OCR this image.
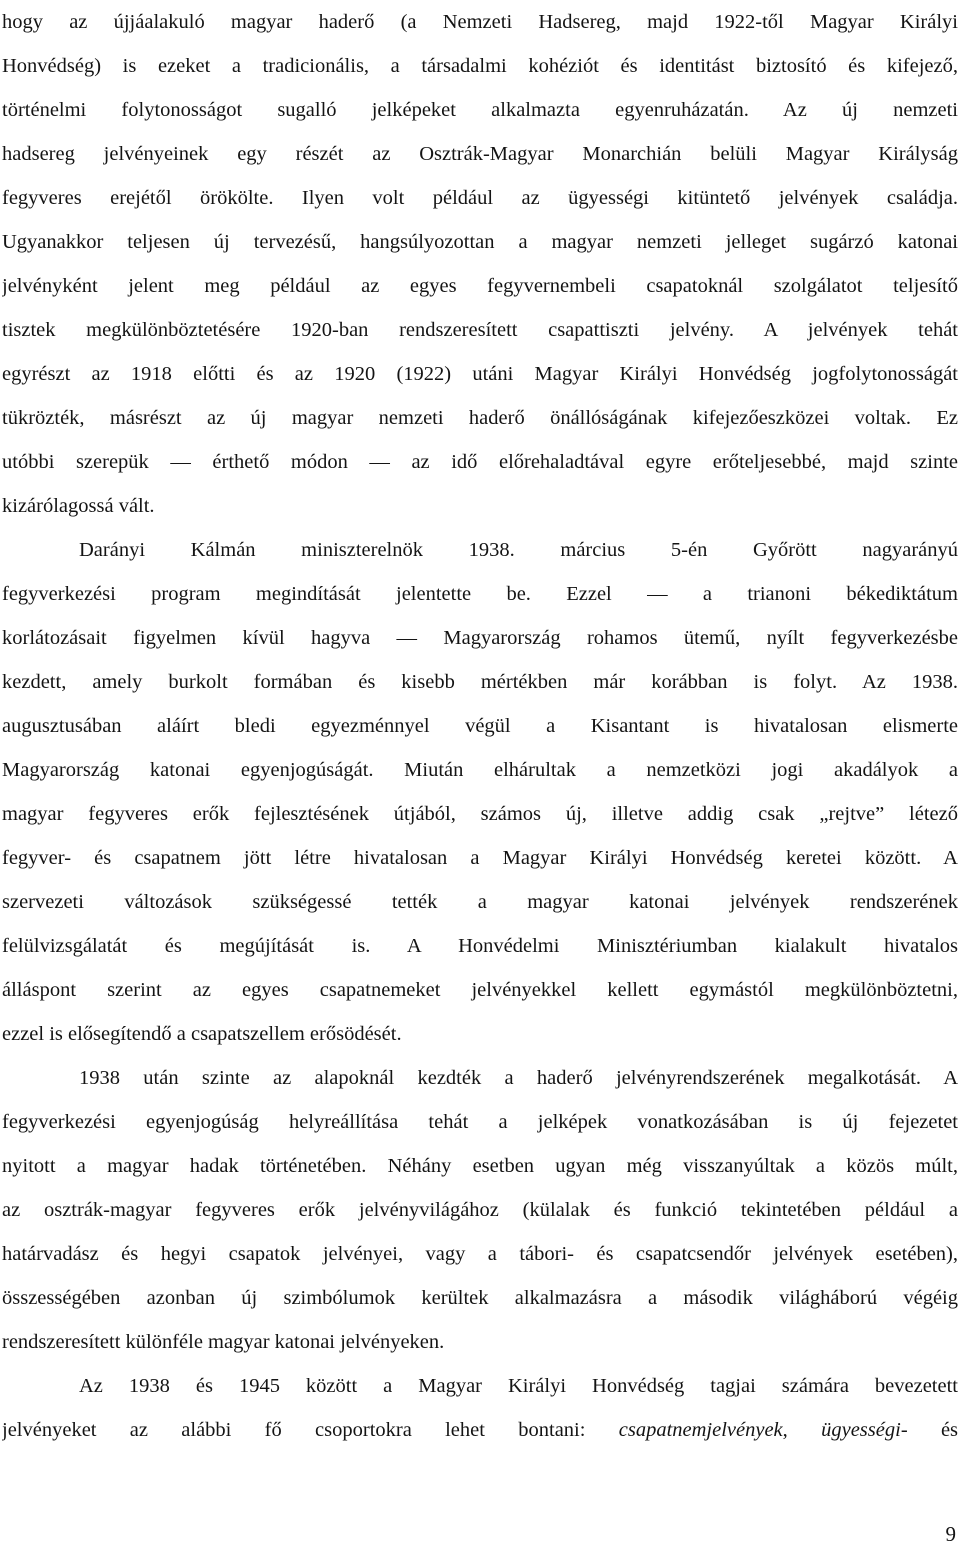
hogy az újjáalakuló magyar haderő (a Nemzeti Hadsereg, majd 1922-től Magyar Királyi
Honvédség) is ezeket a tradicionális, a társadalmi kohéziót és identitást biztosító és kifejező,
történelmi folytonosságot sugalló jelképeket alkalmazta egyenruházatán. Az új nemzeti
hadsereg jelvényeinek egy részét az Osztrák-Magyar Monarchián belüli Magyar Királyság
fegyveres erejétől örökölte. Ilyen volt például az ügyességi kitüntető jelvények családja.
Ugyanakkor teljesen új tervezésű, hangsúlyozottan a magyar nemzeti jelleget sugárzó katonai
jelvényként jelent meg például az egyes fegyvernembeli csapatoknál szolgálatot teljesítő
tisztek megkülönböztetésére 1920-ban rendszeresített csapattiszti jelvény. A jelvények tehát
egyrészt az 1918 előtti és az 1920 (1922) utáni Magyar Királyi Honvédség jogfolytonosságát
tükrözték, másrészt az új magyar nemzeti haderő önállóságának kifejezőeszközei voltak. Ez
utóbbi szerepük ― érthető módon ― az idő előrehaladtával egyre erőteljesebbé, majd szinte
kizárólagossá vált.
Darányi Kálmán miniszterelnök 1938. március 5-én Győrött nagyarányú
fegyverkezési program megindítását jelentette be. Ezzel ― a trianoni békediktátum
korlátozásait figyelmen kívül hagyva ― Magyarország rohamos ütemű, nyílt fegyverkezésbe
kezdett, amely burkolt formában és kisebb mértékben már korábban is folyt. Az 1938.
augusztusában aláírt bledi egyezménnyel végül a Kisantant is hivatalosan elismerte
Magyarország katonai egyenjogúságát. Miután elhárultak a nemzetközi jogi akadályok a
magyar fegyveres erők fejlesztésének útjából, számos új, illetve addig csak „rejtve” létező
fegyver- és csapatnem jött létre hivatalosan a Magyar Királyi Honvédség keretei között. A
szervezeti változások szükségessé tették a magyar katonai jelvények rendszerének
felülvizsgálatát és megújítását is. A Honvédelmi Minisztériumban kialakult hivatalos
álláspont szerint az egyes csapatnemeket jelvényekkel kellett egymástól megkülönböztetni,
ezzel is elősegítendő a csapatszellem erősödését.
1938 után szinte az alapoknál kezdték a haderő jelvényrendszerének megalkotását. A
fegyverkezési egyenjogúság helyreállítása tehát a jelképek vonatkozásában is új fejezetet
nyitott a magyar hadak történetében. Néhány esetben ugyan még visszanyúltak a közös múlt,
az osztrák-magyar fegyveres erők jelvényvilágához (külalak és funkció tekintetében például a
határvadász és hegyi csapatok jelvényei, vagy a tábori- és csapatcsendőr jelvények esetében),
összességében azonban új szimbólumok kerültek alkalmazásra a második világháború végéig
rendszeresített különféle magyar katonai jelvényeken.
Az 1938 és 1945 között a Magyar Királyi Honvédség tagjai számára bevezetett
jelvényeket az alábbi fő csoportokra lehet bontani: csapatnemjelvények, ügyességi- és
9
